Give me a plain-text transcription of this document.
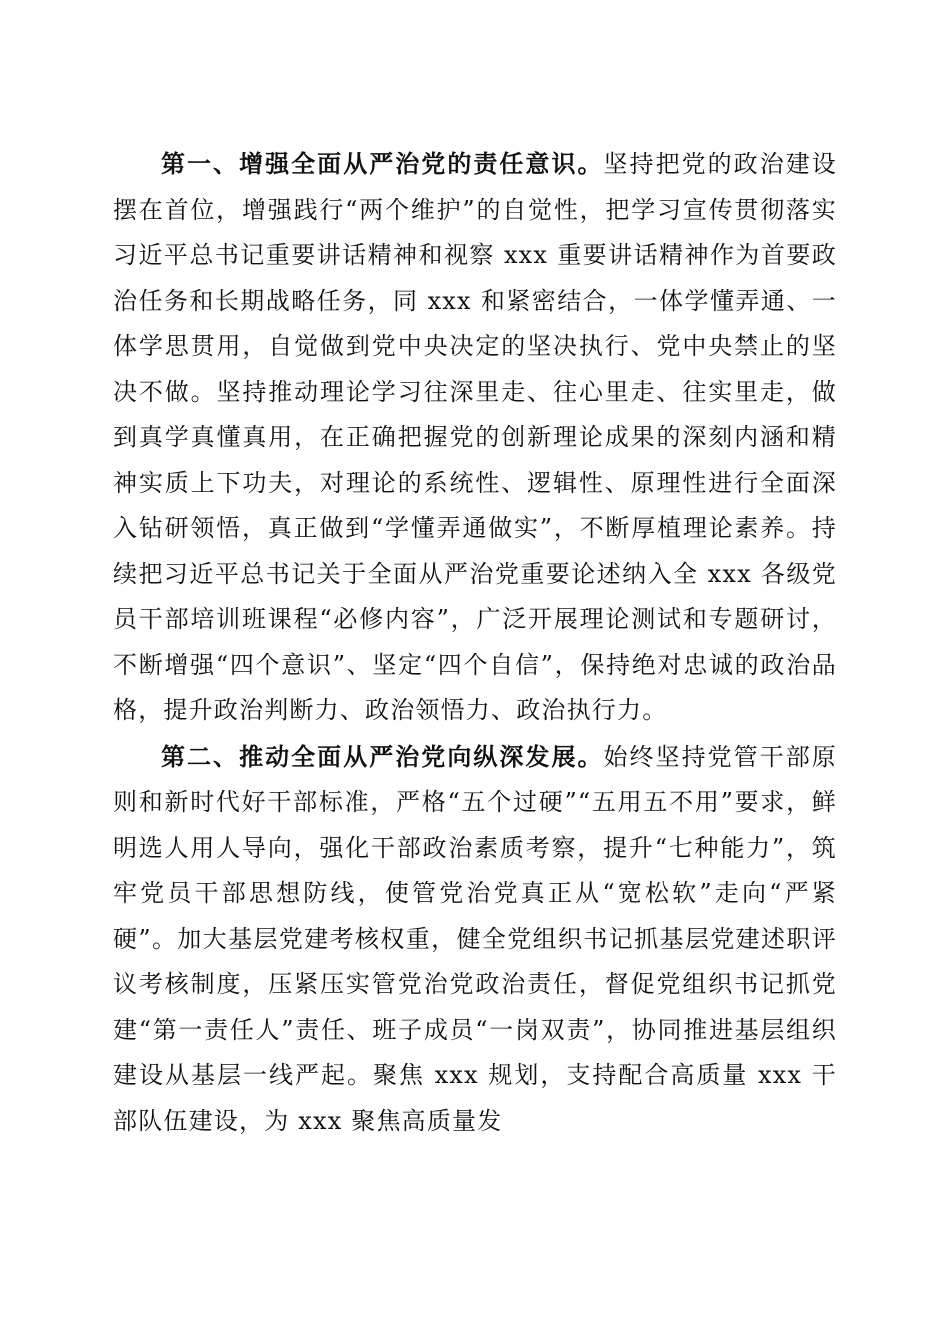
第一、增强全面从严治党的责任意识。坚持把党的政治建设摆在首位，增强践行“两个维护”的自觉性，把学习宣传贯彻落实习近平总书记重要讲话精神和视察 xxx 重要讲话精神作为首要政治任务和长期战略任务，同 xxx 和紧密结合，一体学懂弄通、一体学思贯用，自觉做到党中央决定的坚决执行、党中央禁止的坚决不做。坚持推动理论学习往深里走、往心里走、往实里走，做到真学真懂真用，在正确把握党的创新理论成果的深刻内涵和精神实质上下功夫，对理论的系统性、逻辑性、原理性进行全面深入钻研领悟，真正做到“学懂弄通做实”，不断厚植理论素养。持续把习近平总书记关于全面从严治党重要论述纳入全 xxx 各级党员干部培训班课程“必修内容”，广泛开展理论测试和专题研讨，不断增强“四个意识”、坚定“四个自信”，保持绝对忠诚的政治品格，提升政治判断力、政治领悟力、政治执行力。

第二、推动全面从严治党向纵深发展。始终坚持党管干部原则和新时代好干部标准，严格“五个过硬”“五用五不用”要求，鲜明选人用人导向，强化干部政治素质考察，提升“七种能力”，筑牢党员干部思想防线，使管党治党真正从“宽松软”走向“严紧硬”。加大基层党建考核权重，健全党组织书记抓基层党建述职评议考核制度，压紧压实管党治党政治责任，督促党组织书记抓党建“第一责任人”责任、班子成员“一岗双责”，协同推进基层组织建设从基层一线严起。聚焦 xxx 规划，支持配合高质量 xxx 干部队伍建设，为 xxx 聚焦高质量发
